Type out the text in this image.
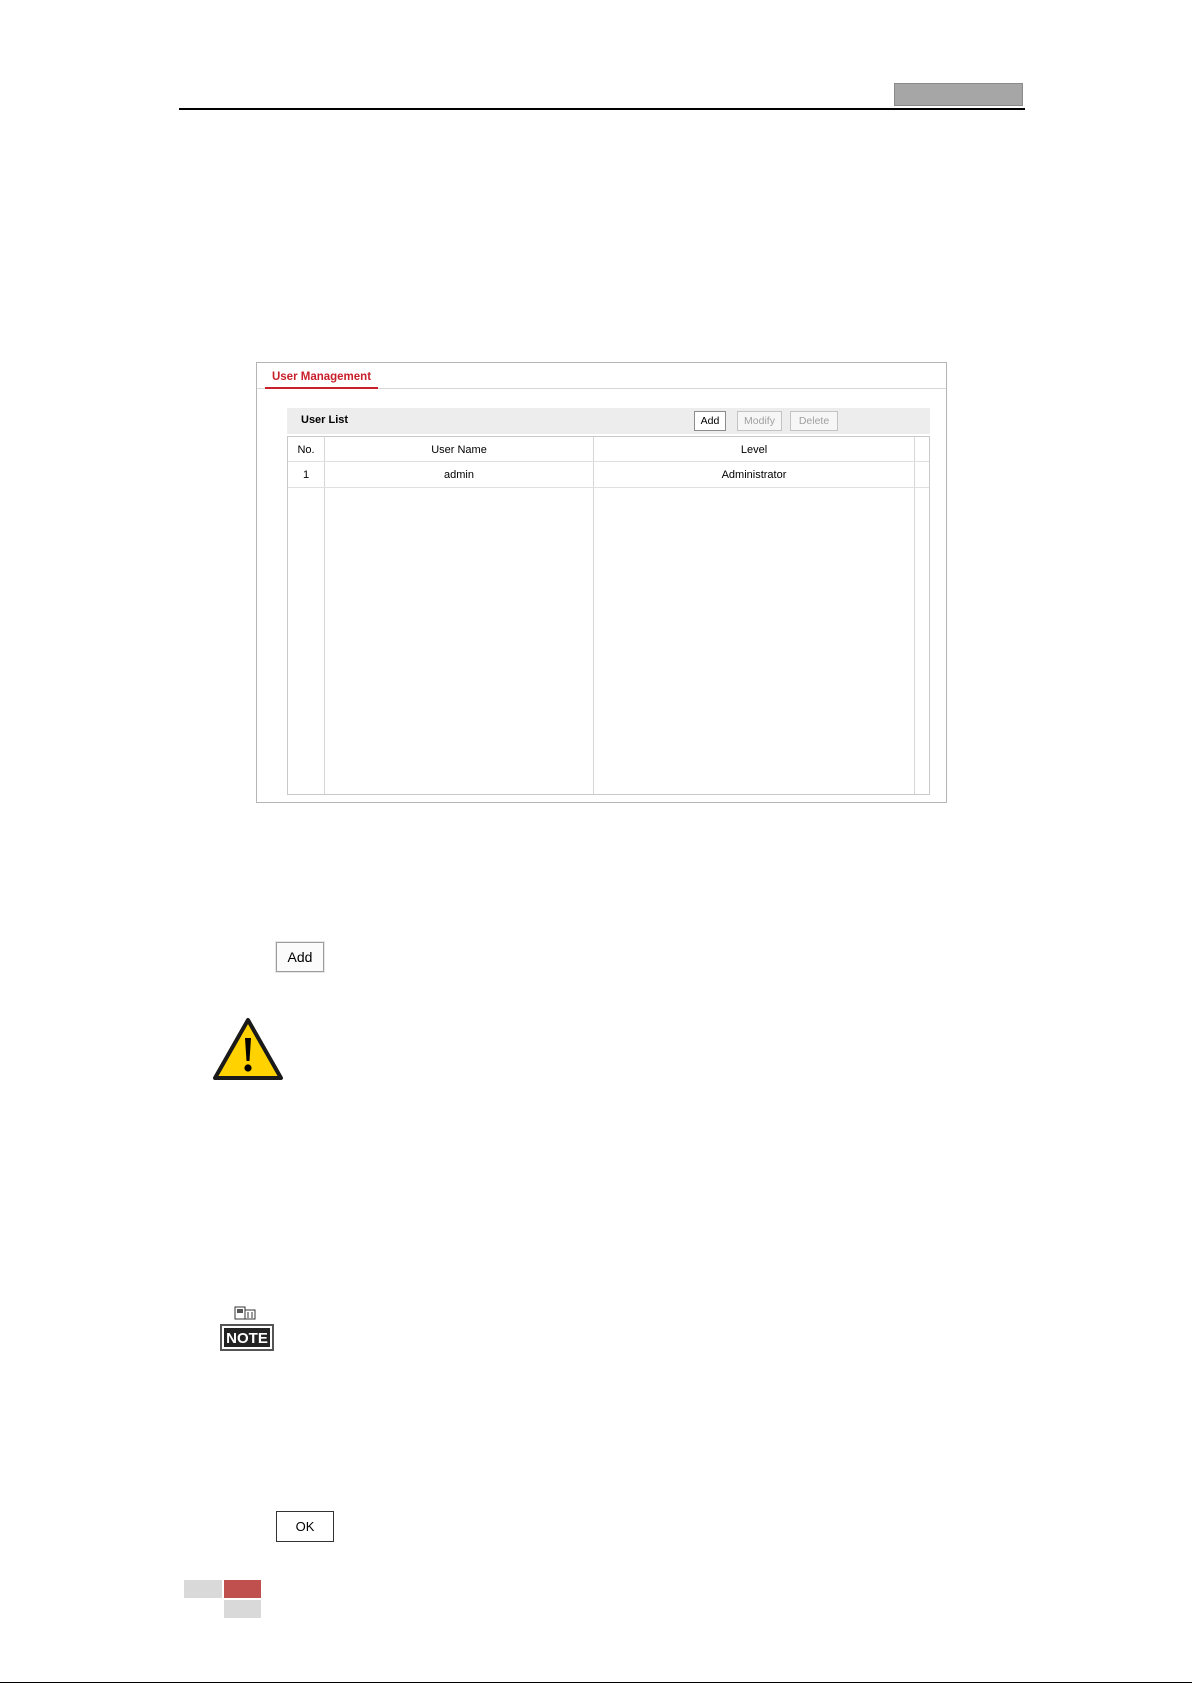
User Management
User List	Add	Modify	Delete
No.	User Name	Level
1	admin	Administrator
Add
NOTE
OK
